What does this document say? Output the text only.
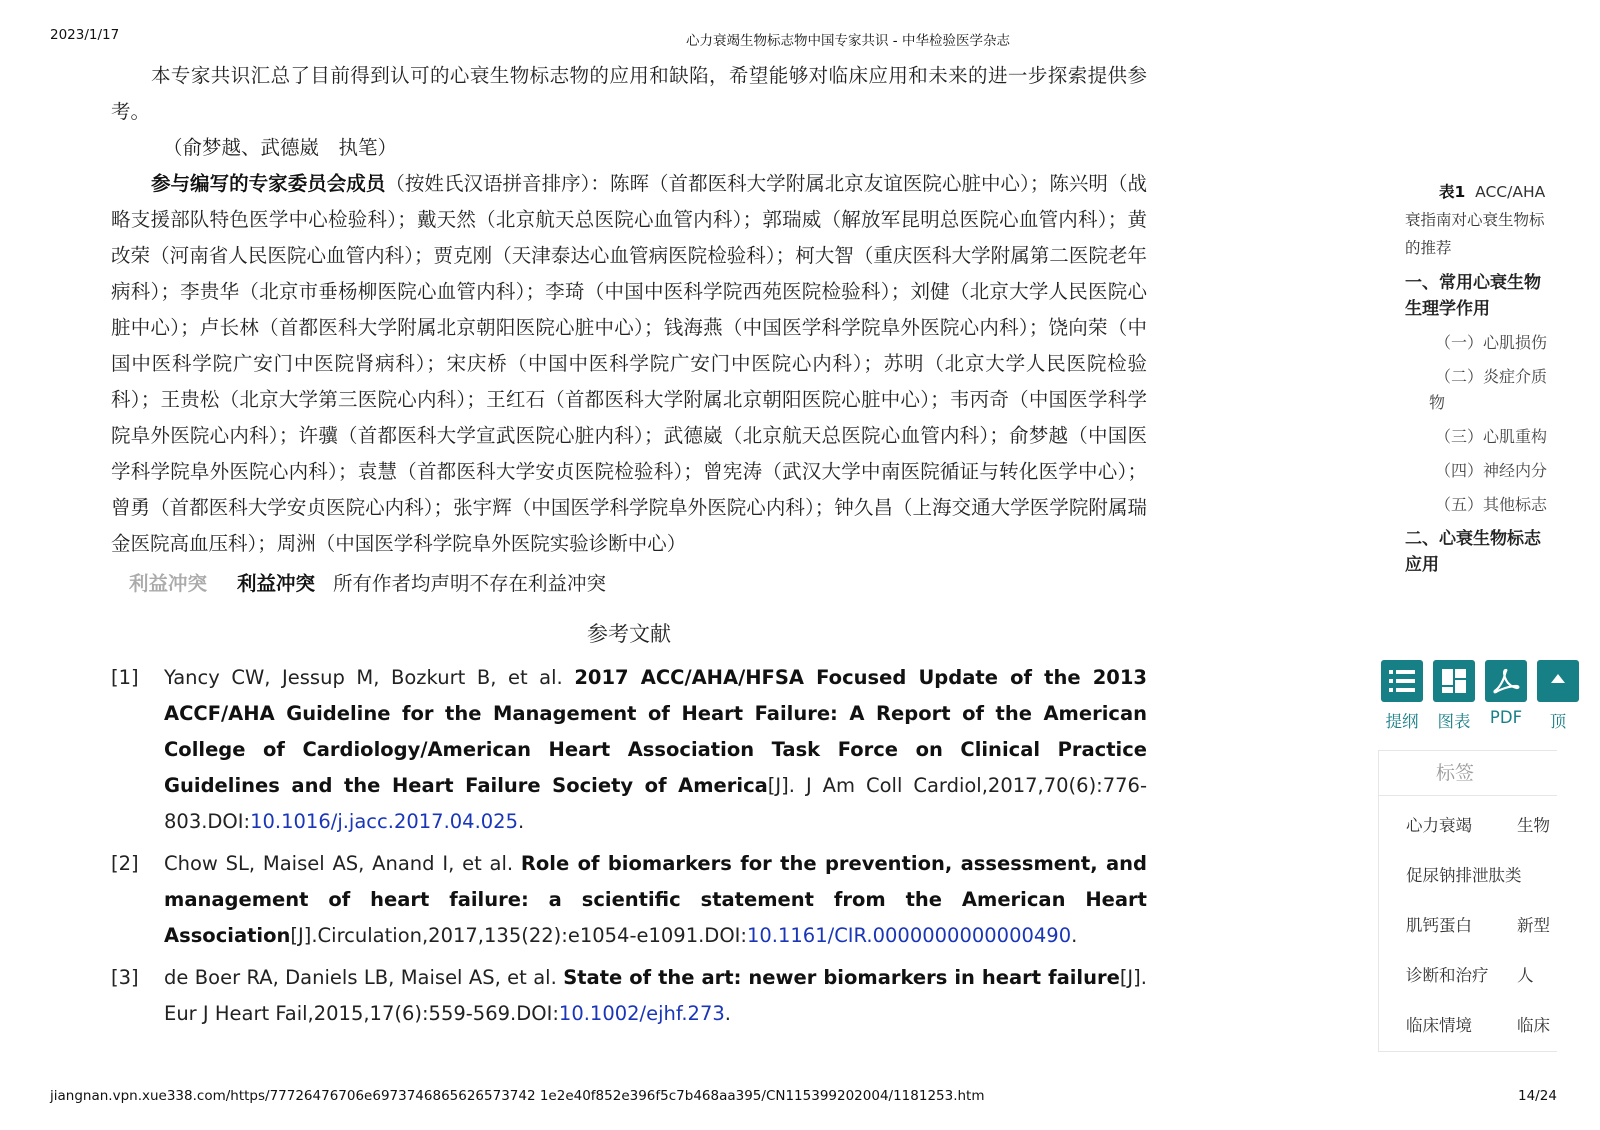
2023/1/17	心力衰竭生物标志物中国专家共识 - 中华检验医学杂志

本专家共识汇总了目前得到认可的心衰生物标志物的应用和缺陷，希望能够对临床应用和未来的进一步探索提供参考。

（俞梦越、武德崴　执笔）

参与编写的专家委员会成员（按姓氏汉语拼音排序）：陈晖（首都医科大学附属北京友谊医院心脏中心）；陈兴明（战略支援部队特色医学中心检验科）；戴天然（北京航天总医院心血管内科）；郭瑞威（解放军昆明总医院心血管内科）；黄改荣（河南省人民医院心血管内科）；贾克刚（天津泰达心血管病医院检验科）；柯大智（重庆医科大学附属第二医院老年病科）；李贵华（北京市垂杨柳医院心血管内科）；李琦（中国中医科学院西苑医院检验科）；刘健（北京大学人民医院心脏中心）；卢长林（首都医科大学附属北京朝阳医院心脏中心）；钱海燕（中国医学科学院阜外医院心内科）；饶向荣（中国中医科学院广安门中医院肾病科）；宋庆桥（中国中医科学院广安门中医院心内科）；苏明（北京大学人民医院检验科）；王贵松（北京大学第三医院心内科）；王红石（首都医科大学附属北京朝阳医院心脏中心）；韦丙奇（中国医学科学院阜外医院心内科）；许骥（首都医科大学宣武医院心脏内科）；武德崴（北京航天总医院心血管内科）；俞梦越（中国医学科学院阜外医院心内科）；袁慧（首都医科大学安贞医院检验科）；曾宪涛（武汉大学中南医院循证与转化医学中心）；曾勇（首都医科大学安贞医院心内科）；张宇辉（中国医学科学院阜外医院心内科）；钟久昌（上海交通大学医学院附属瑞金医院高血压科）；周洲（中国医学科学院阜外医院实验诊断中心）

利益冲突 利益冲突 所有作者均声明不存在利益冲突
参考文献
[1]	Yancy CW, Jessup M, Bozkurt B, et al. 2017 ACC/AHA/HFSA Focused Update of the 2013 ACCF/AHA Guideline for the Management of Heart Failure: A Report of the American College of Cardiology/American Heart Association Task Force on Clinical Practice Guidelines and the Heart Failure Society of America[J]. J Am Coll Cardiol,2017,70(6):776-803.DOI:10.1016/j.jacc.2017.04.025.
[2]	Chow SL, Maisel AS, Anand I, et al. Role of biomarkers for the prevention, assessment, and management of heart failure: a scientific statement from the American Heart Association[J].Circulation,2017,135(22):e1054-e1091.DOI:10.1161/CIR.0000000000000490.
[3]	de Boer RA, Daniels LB, Maisel AS, et al. State of the art: newer biomarkers in heart failure[J]. Eur J Heart Fail,2015,17(6):559-569.DOI:10.1002/ejhf.273.
表1 ACC/AHA
衰指南对心衰生物标
的推荐
一、常用心衰生物
生理学作用
（一）心肌损伤
（二）炎症介质
物
（三）心肌重构
（四）神经内分
（五）其他标志
二、心衰生物标志
应用
提纲	图表	PDF	顶
标签
心力衰竭	生物
促尿钠排泄肽类
肌钙蛋白	新型
诊断和治疗 人
临床情境	临床
jiangnan.vpn.xue338.com/https/77726476706e6973746865626573742 1e2e40f852e396f5c7b468aa395/CN115399202004/1181253.htm	14/24
